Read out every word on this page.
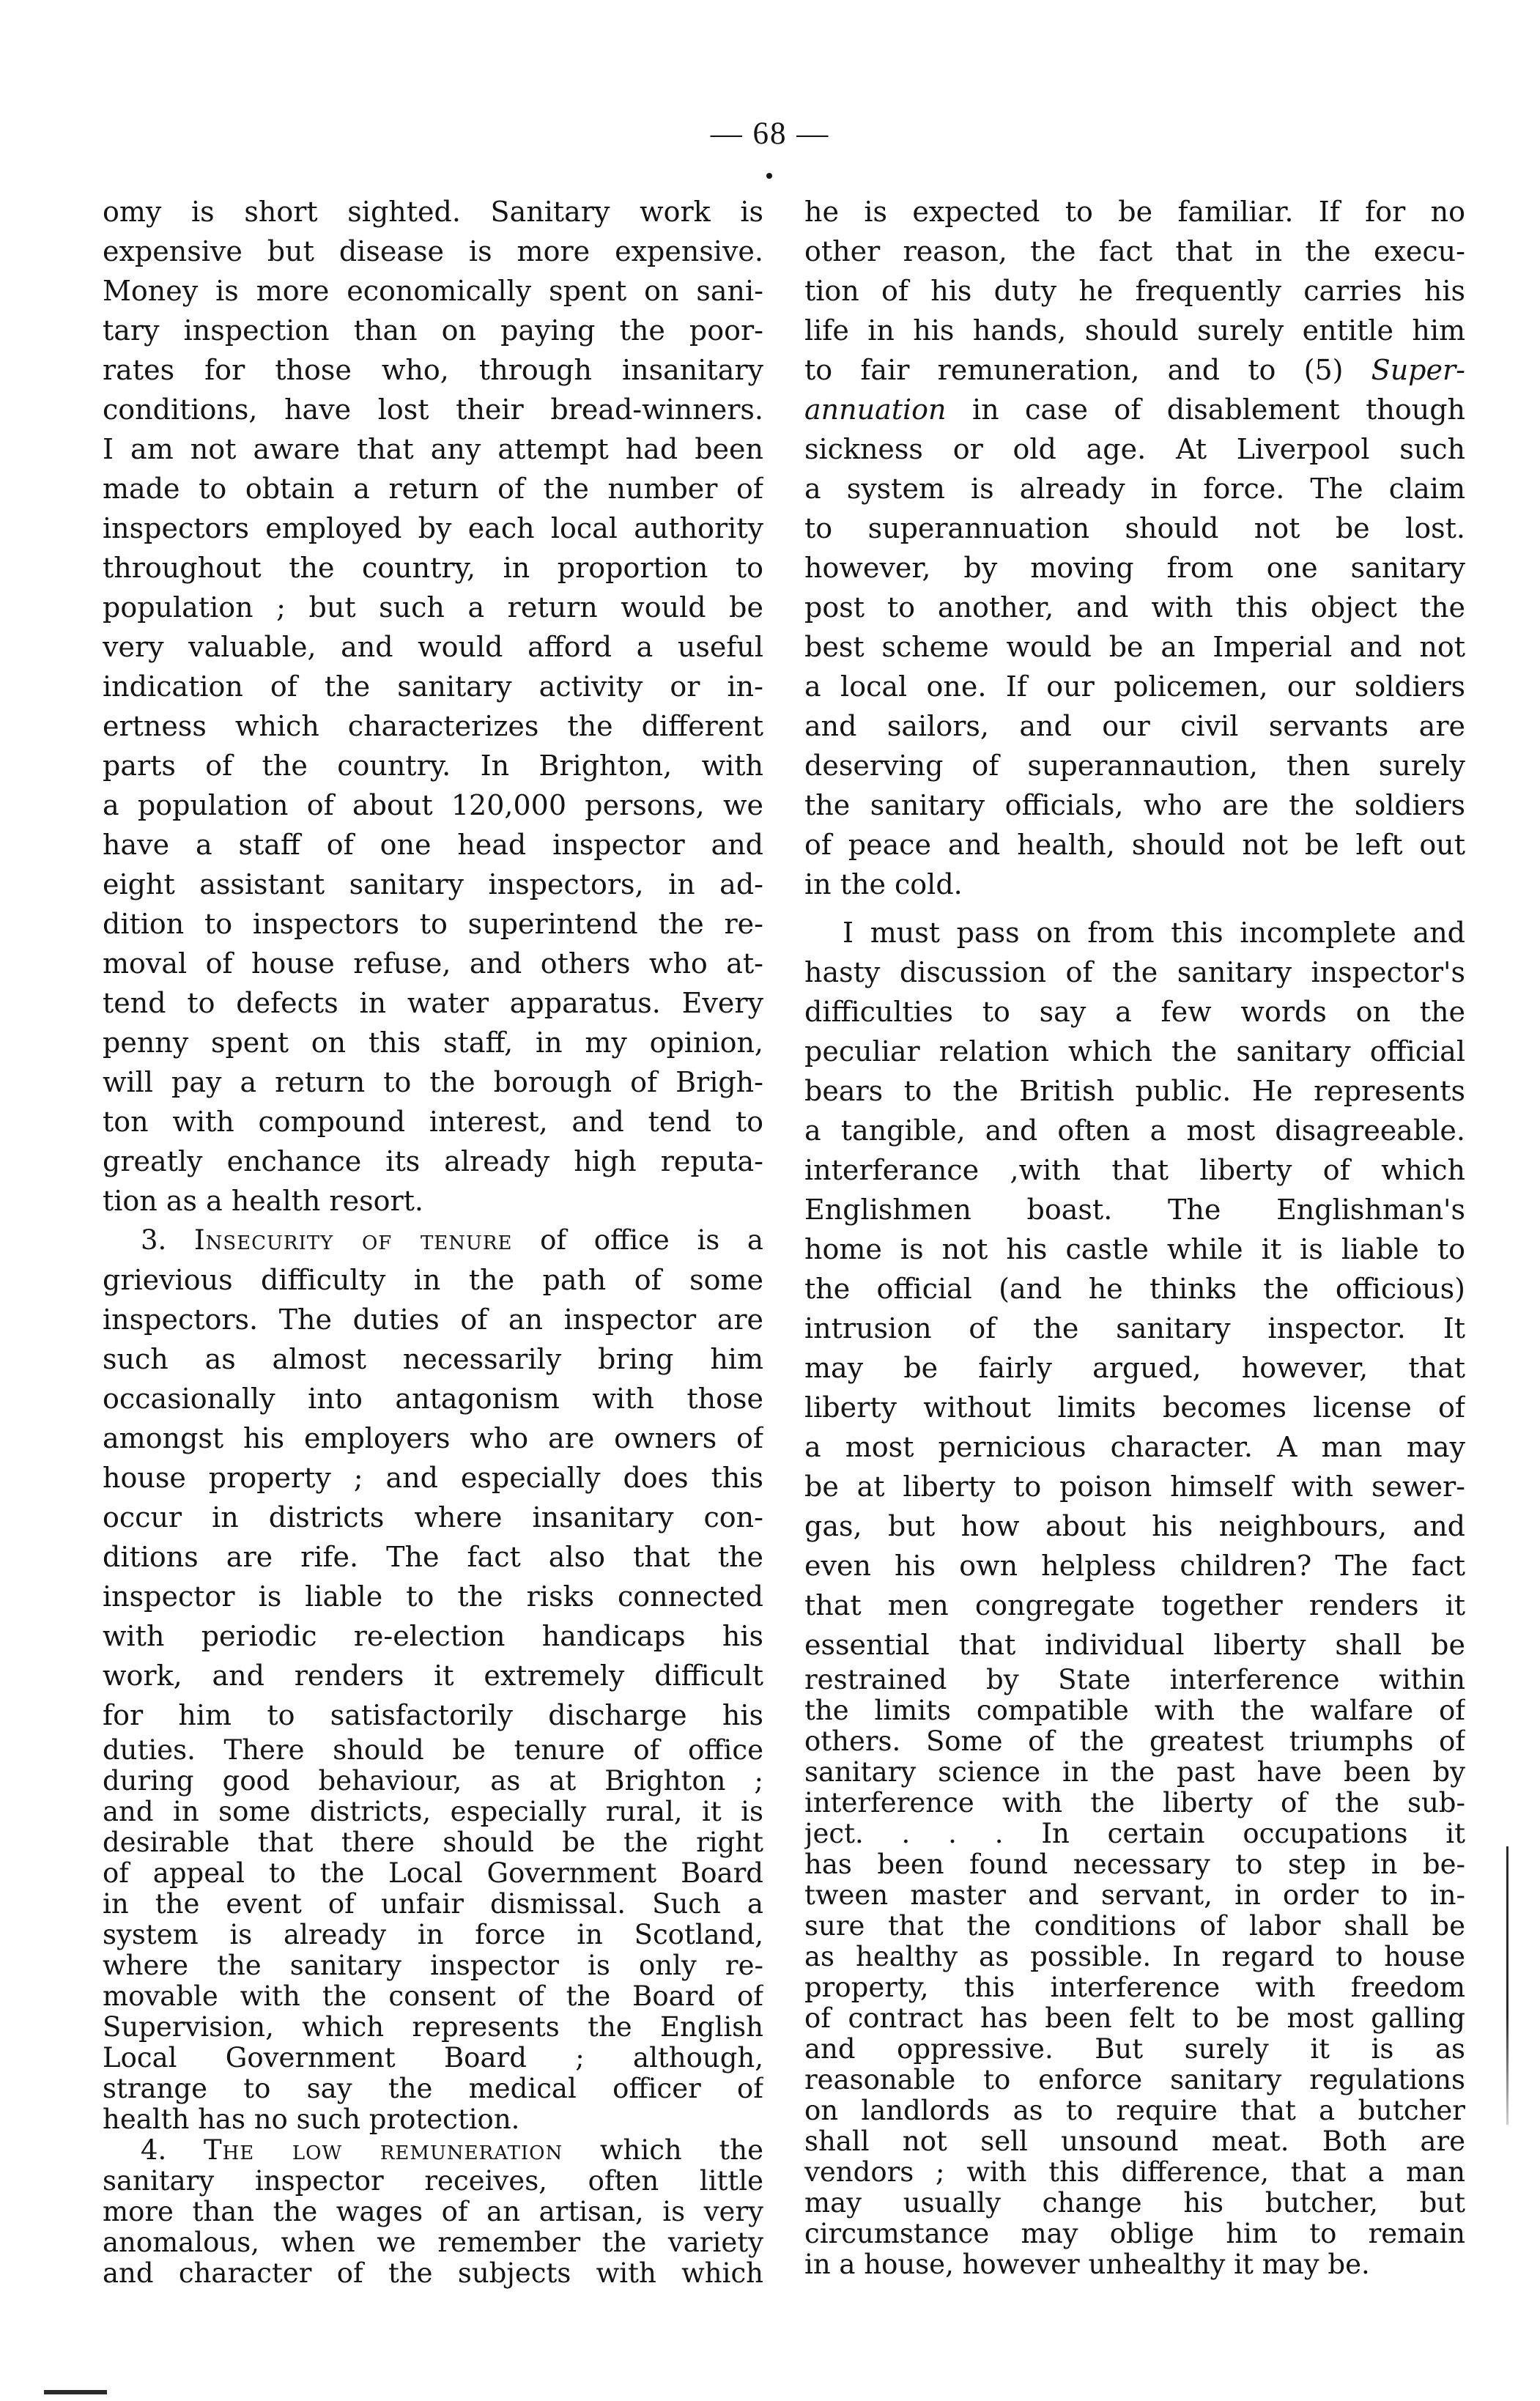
— 68 —
omy is short sighted. Sanitary work is
expensive but disease is more expensive.
Money is more economically spent on sani-
tary inspection than on paying the poor-
rates for those who, through insanitary
conditions, have lost their bread-winners.
I am not aware that any attempt had been
made to obtain a return of the number of
inspectors employed by each local authority
throughout the country, in proportion to
population ; but such a return would be
very valuable, and would afford a useful
indication of the sanitary activity or in-
ertness which characterizes the different
parts of the country. In Brighton, with
a population of about 120,000 persons, we
have a staff of one head inspector and
eight assistant sanitary inspectors, in ad-
dition to inspectors to superintend the re-
moval of house refuse, and others who at-
tend to defects in water apparatus. Every
penny spent on this staff, in my opinion,
will pay a return to the borough of Brigh-
ton with compound interest, and tend to
greatly enchance its already high reputa-
tion as a health resort.
3. Insecurity of tenure of office is a
grievious difficulty in the path of some
inspectors. The duties of an inspector are
such as almost necessarily bring him
occasionally into antagonism with those
amongst his employers who are owners of
house property ; and especially does this
occur in districts where insanitary con-
ditions are rife. The fact also that the
inspector is liable to the risks connected
with periodic re-election handicaps his
work, and renders it extremely difficult
for him to satisfactorily discharge his
duties. There should be tenure of office
during good behaviour, as at Brighton ;
and in some districts, especially rural, it is
desirable that there should be the right
of appeal to the Local Government Board
in the event of unfair dismissal. Such a
system is already in force in Scotland,
where the sanitary inspector is only re-
movable with the consent of the Board of
Supervision, which represents the English
Local Government Board ; although,
strange to say the medical officer of
health has no such protection.
4. The low remuneration which the
sanitary inspector receives, often little
more than the wages of an artisan, is very
anomalous, when we remember the variety
and character of the subjects with which
he is expected to be familiar. If for no
other reason, the fact that in the execu-
tion of his duty he frequently carries his
life in his hands, should surely entitle him
to fair remuneration, and to (5) Super-
annuation in case of disablement though
sickness or old age. At Liverpool such
a system is already in force. The claim
to superannuation should not be lost.
however, by moving from one sanitary
post to another, and with this object the
best scheme would be an Imperial and not
a local one. If our policemen, our soldiers
and sailors, and our civil servants are
deserving of superannaution, then surely
the sanitary officials, who are the soldiers
of peace and health, should not be left out
in the cold.
I must pass on from this incomplete and
hasty discussion of the sanitary inspector's
difficulties to say a few words on the
peculiar relation which the sanitary official
bears to the British public. He represents
a tangible, and often a most disagreeable.
interferance ,with that liberty of which
Englishmen boast. The Englishman's
home is not his castle while it is liable to
the official (and he thinks the officious)
intrusion of the sanitary inspector. It
may be fairly argued, however, that
liberty without limits becomes license of
a most pernicious character. A man may
be at liberty to poison himself with sewer-
gas, but how about his neighbours, and
even his own helpless children? The fact
that men congregate together renders it
essential that individual liberty shall be
restrained by State interference within
the limits compatible with the walfare of
others. Some of the greatest triumphs of
sanitary science in the past have been by
interference with the liberty of the sub-
ject. . . . In certain occupations it
has been found necessary to step in be-
tween master and servant, in order to in-
sure that the conditions of labor shall be
as healthy as possible. In regard to house
property, this interference with freedom
of contract has been felt to be most galling
and oppressive. But surely it is as
reasonable to enforce sanitary regulations
on landlords as to require that a butcher
shall not sell unsound meat. Both are
vendors ; with this difference, that a man
may usually change his butcher, but
circumstance may oblige him to remain
in a house, however unhealthy it may be.
